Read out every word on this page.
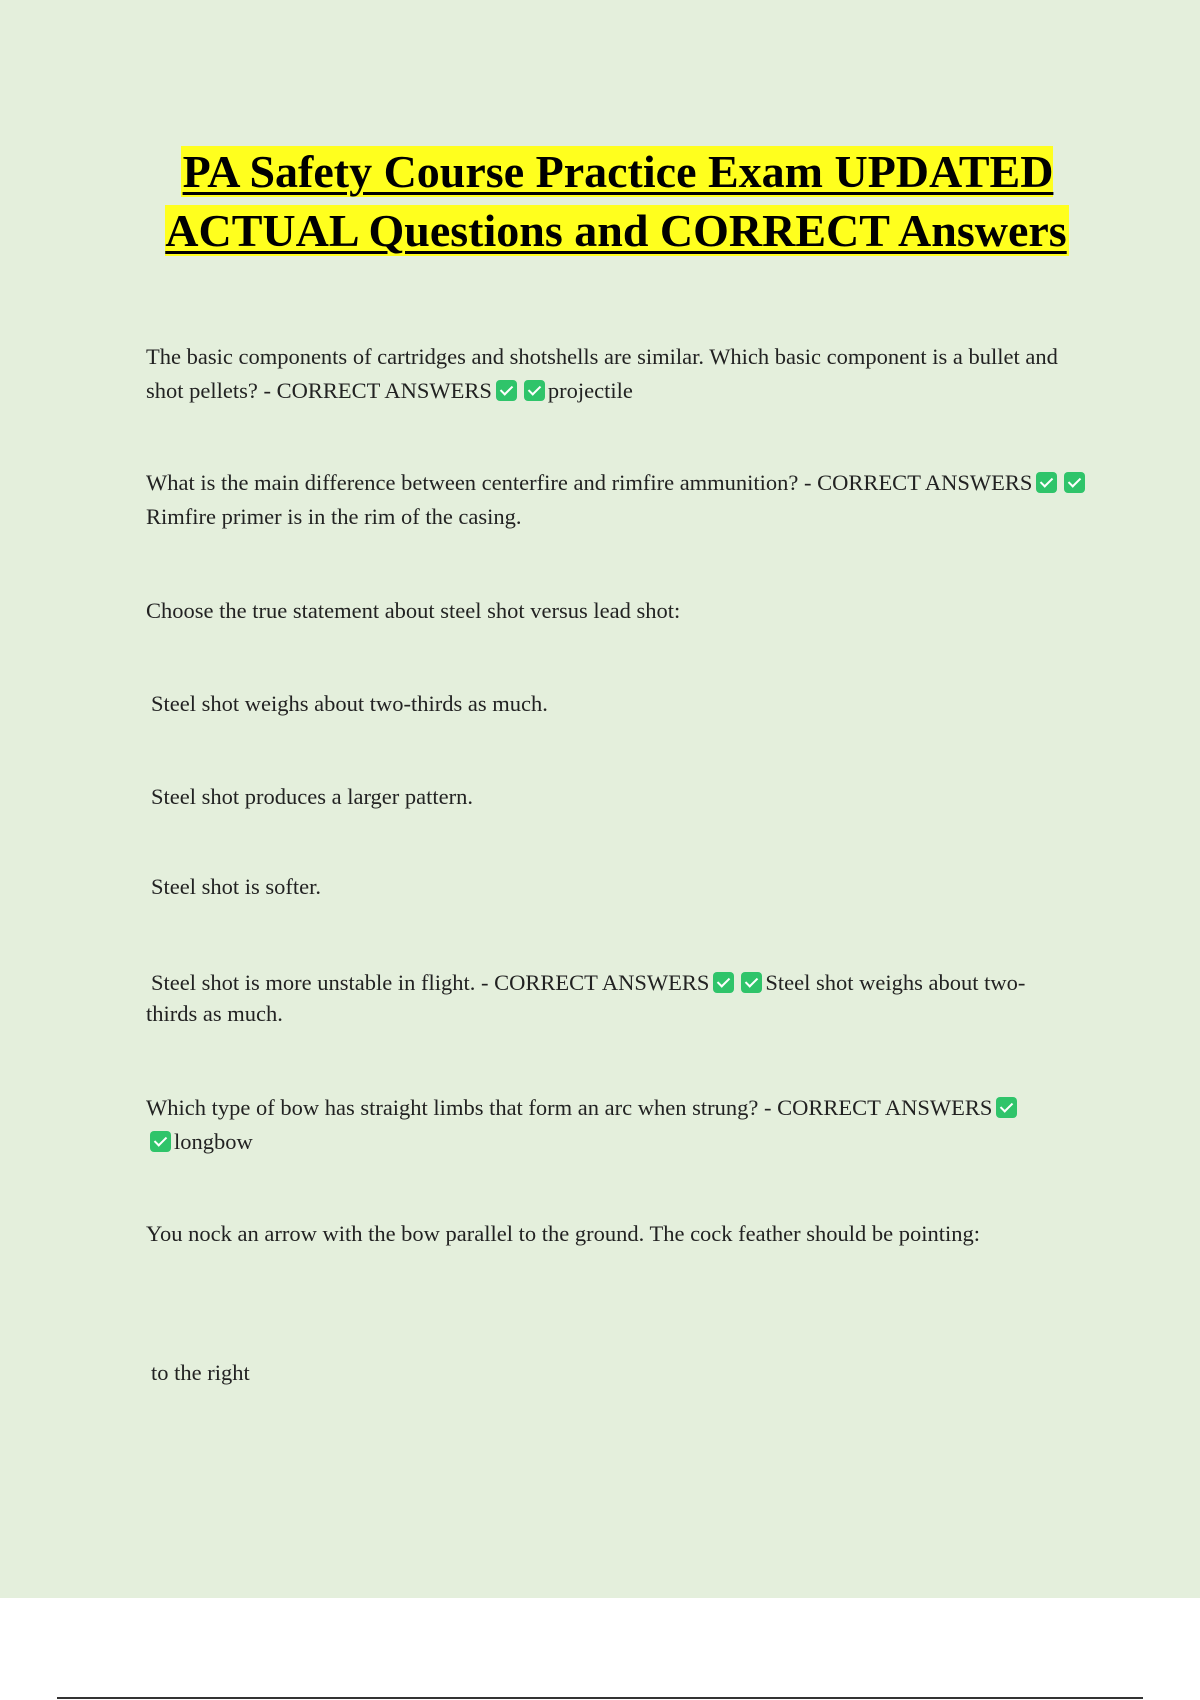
PA Safety Course Practice Exam UPDATED ACTUAL Questions and CORRECT Answers

The basic components of cartridges and shotshells are similar. Which basic component is a bullet and shot pellets? - CORRECT ANSWERS projectile

What is the main difference between centerfire and rimfire ammunition? - CORRECT ANSWERSRimfire primer is in the rim of the casing.

Choose the true statement about steel shot versus lead shot:

Steel shot weighs about two-thirds as much.

Steel shot produces a larger pattern.

Steel shot is softer.

Steel shot is more unstable in flight. - CORRECT ANSWERS Steel shot weighs about two-thirds as much.

Which type of bow has straight limbs that form an arc when strung? - CORRECT ANSWERSlongbow

You nock an arrow with the bow parallel to the ground. The cock feather should be pointing:

to the right
